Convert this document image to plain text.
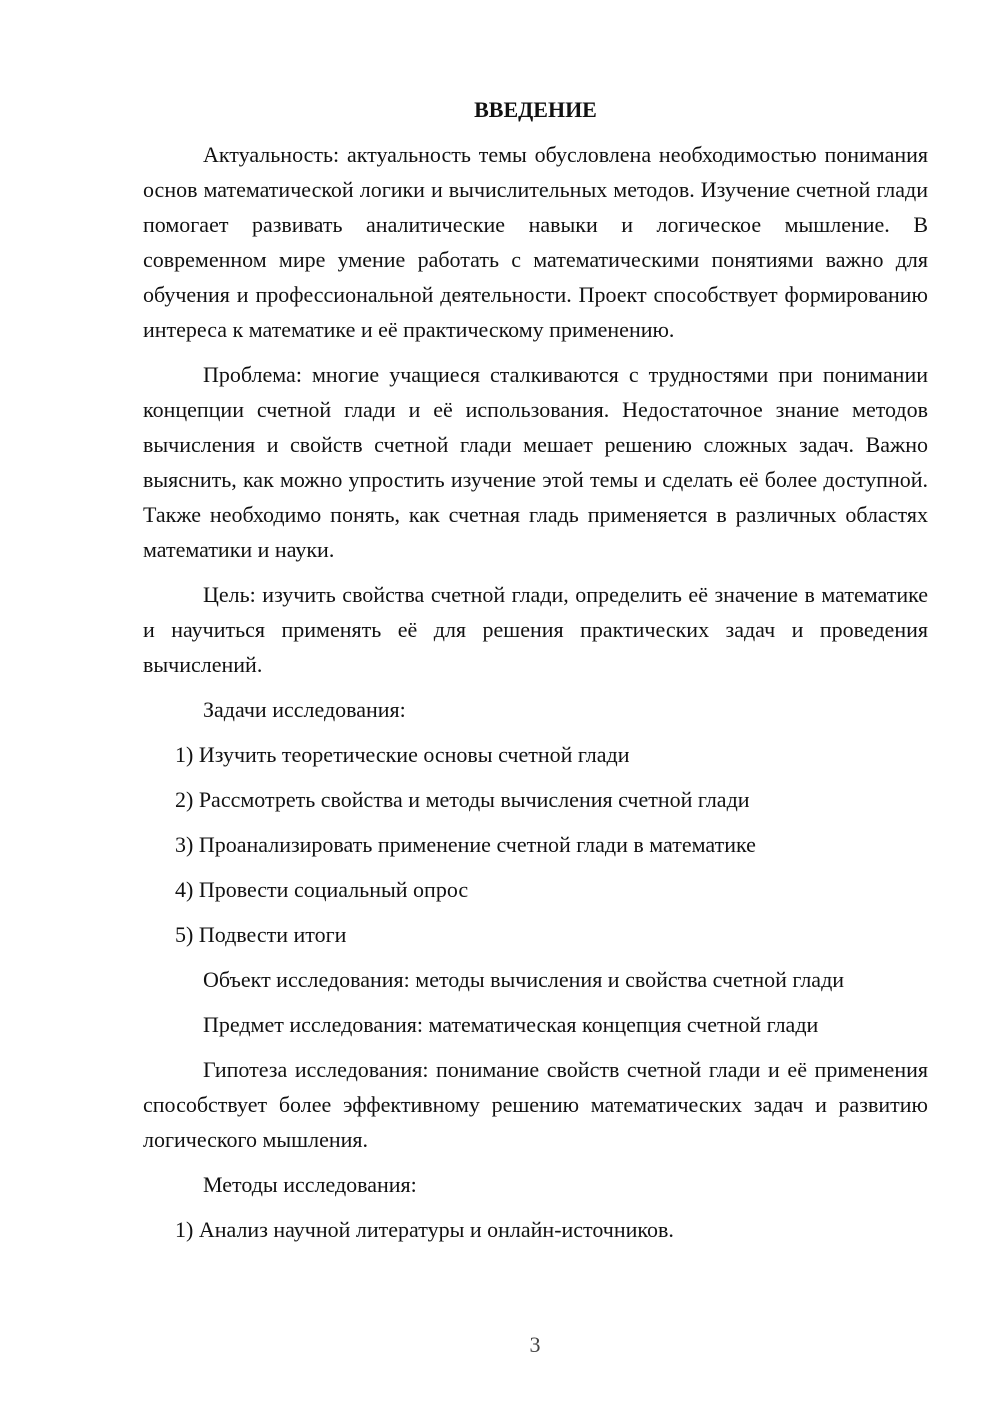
ВВЕДЕНИЕ
Актуальность: актуальность темы обусловлена необходимостью понимания основ математической логики и вычислительных методов. Изучение счетной глади помогает развивать аналитические навыки и логическое мышление. В современном мире умение работать с математическими понятиями важно для обучения и профессиональной деятельности. Проект способствует формированию интереса к математике и её практическому применению.
Проблема: многие учащиеся сталкиваются с трудностями при понимании концепции счетной глади и её использования. Недостаточное знание методов вычисления и свойств счетной глади мешает решению сложных задач. Важно выяснить, как можно упростить изучение этой темы и сделать её более доступной. Также необходимо понять, как счетная гладь применяется в различных областях математики и науки.
Цель: изучить свойства счетной глади, определить её значение в математике и научиться применять её для решения практических задач и проведения вычислений.
Задачи исследования:
1) Изучить теоретические основы счетной глади
2) Рассмотреть свойства и методы вычисления счетной глади
3) Проанализировать применение счетной глади в математике
4) Провести социальный опрос
5) Подвести итоги
Объект исследования: методы вычисления и свойства счетной глади
Предмет исследования: математическая концепция счетной глади
Гипотеза исследования: понимание свойств счетной глади и её применения способствует более эффективному решению математических задач и развитию логического мышления.
Методы исследования:
1) Анализ научной литературы и онлайн-источников.
3
